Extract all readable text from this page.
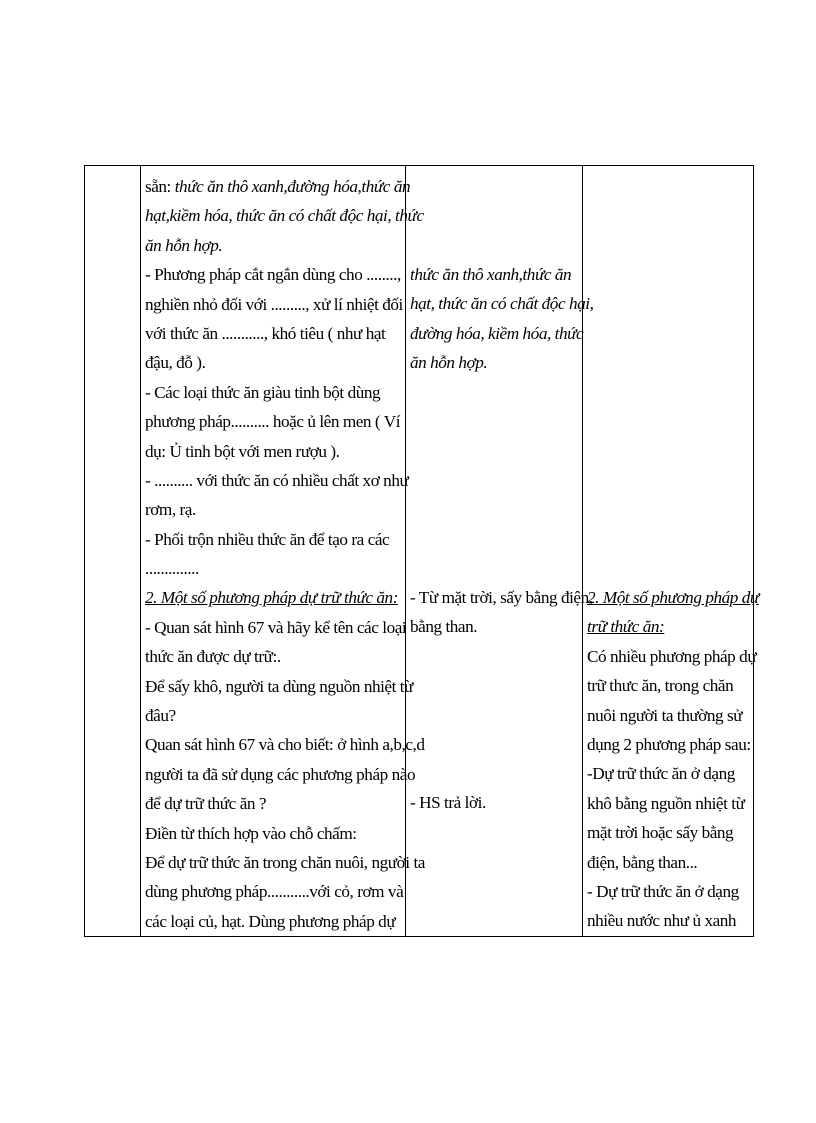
sẵn: thức ăn thô xanh,đường hóa,thức ăn
hạt,kiềm hóa, thức ăn có chất độc hại, thức
ăn hỗn hợp.
- Phương pháp cắt ngắn dùng cho ........,
nghiền nhỏ đối với ........., xử lí nhiệt đối
với thức ăn ..........., khó tiêu ( như hạt
đậu, đỗ ).
- Các loại thức ăn giàu tinh bột dùng
phương pháp.......... hoặc ủ lên men ( Ví
dụ: Ủ tinh bột với men rượu ).
- .......... với thức ăn có nhiều chất xơ như
rơm, rạ.
- Phối trộn nhiều thức ăn để tạo ra các
..............
2. Một số phương pháp dự trữ thức ăn:
- Quan sát hình 67 và hãy kể tên các loại
thức ăn được dự trữ:.
Để sấy khô, người ta dùng nguồn nhiệt từ
đâu?
Quan sát hình 67 và cho biết: ở hình a,b,c,d
người ta đã sử dụng các phương pháp nào
để dự trữ thức ăn ?
Điền từ thích hợp vào chỗ chấm:
Để dự trữ thức ăn trong chăn nuôi, người ta
dùng phương pháp...........với cỏ, rơm và
các loại củ, hạt. Dùng phương pháp dự

thức ăn thô xanh,thức ăn
hạt, thức ăn có chất độc hại,
đường hóa, kiềm hóa, thức
ăn hỗn hợp.
- Từ mặt trời, sấy bằng điện,
bằng than.
- HS trả lời.

2. Một số phương pháp dự
trữ thức ăn:
Có nhiều phương pháp dự
trữ thưc ăn, trong chăn
nuôi người ta thường sử
dụng 2 phương pháp sau:
-Dự trữ thức ăn ở dạng
khô bằng nguồn nhiệt từ
mặt trời hoặc sấy bằng
điện, bằng than...
- Dự trữ thức ăn ở dạng
nhiều nước như ủ xanh
